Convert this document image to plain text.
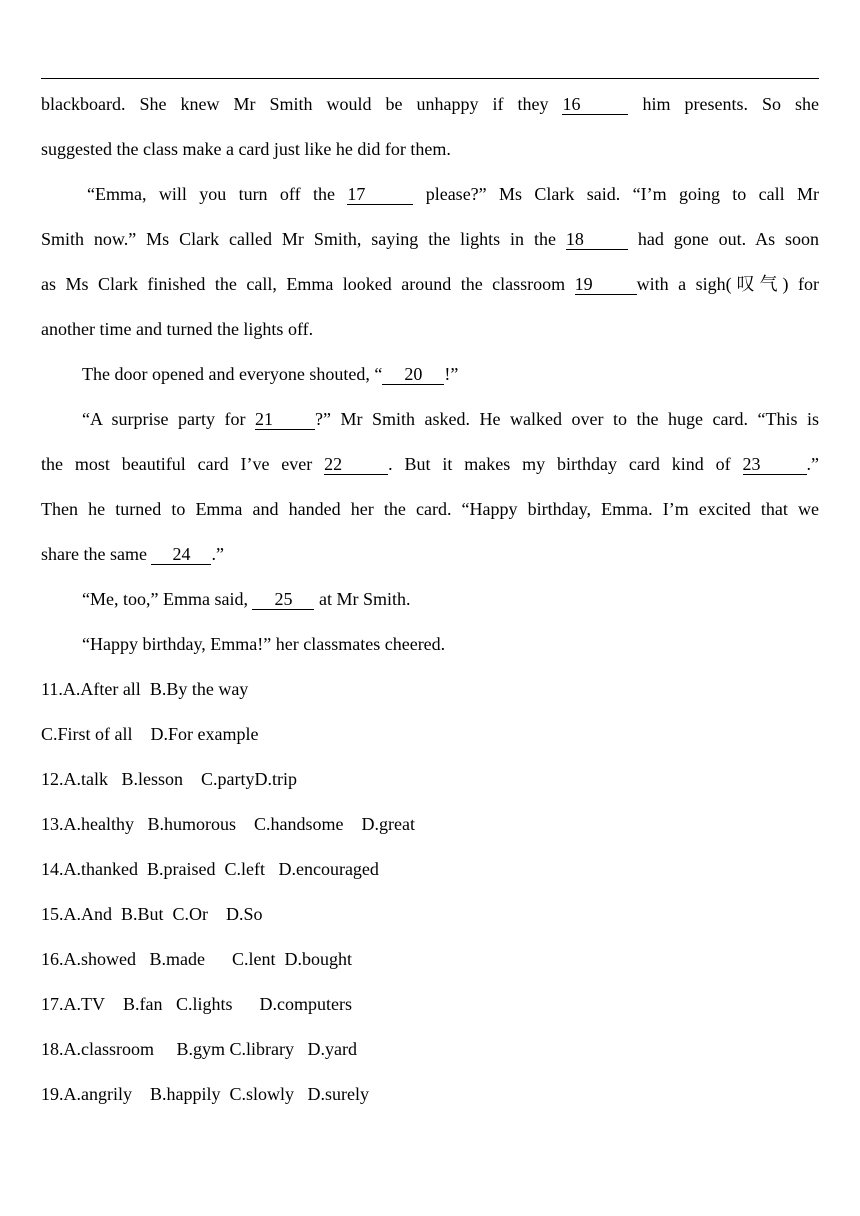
blackboard. She knew Mr Smith would be unhappy if they 16	him presents. So she
suggested the class make a card just like he did for them.
“Emma, will you turn off the 17	please?” Ms Clark said. “I’m going to call Mr
Smith now.” Ms Clark called Mr Smith, saying the lights in the 18	had gone out. As soon
as Ms Clark finished the call, Emma looked around the classroom 19 with a sigh(叹气) for
another time and turned the lights off.
The door opened and everyone shouted, “ 20 !”
“A surprise party for 21 ?” Mr Smith asked. He walked over to the huge card. “This is
the most beautiful card I’ve ever 22	. But it makes my birthday card kind of 23	.”
Then he turned to Emma and handed her the card. “Happy birthday, Emma. I’m excited that we
share the same 24 .”
“Me, too,” Emma said, 25 at Mr Smith.
“Happy birthday, Emma!” her classmates cheered.
11.A.After all B.By the way
C.First of all D.For example
12.A.talk B.lesson C.partyD.trip
13.A.healthy B.humorous C.handsome D.great
14.A.thanked B.praised C.left D.encouraged
15.A.And B.But C.Or D.So
16.A.showed B.made C.lent D.bought
17.A.TV B.fan C.lights D.computers
18.A.classroom B.gym C.library D.yard
19.A.angrily B.happily C.slowly D.surely
